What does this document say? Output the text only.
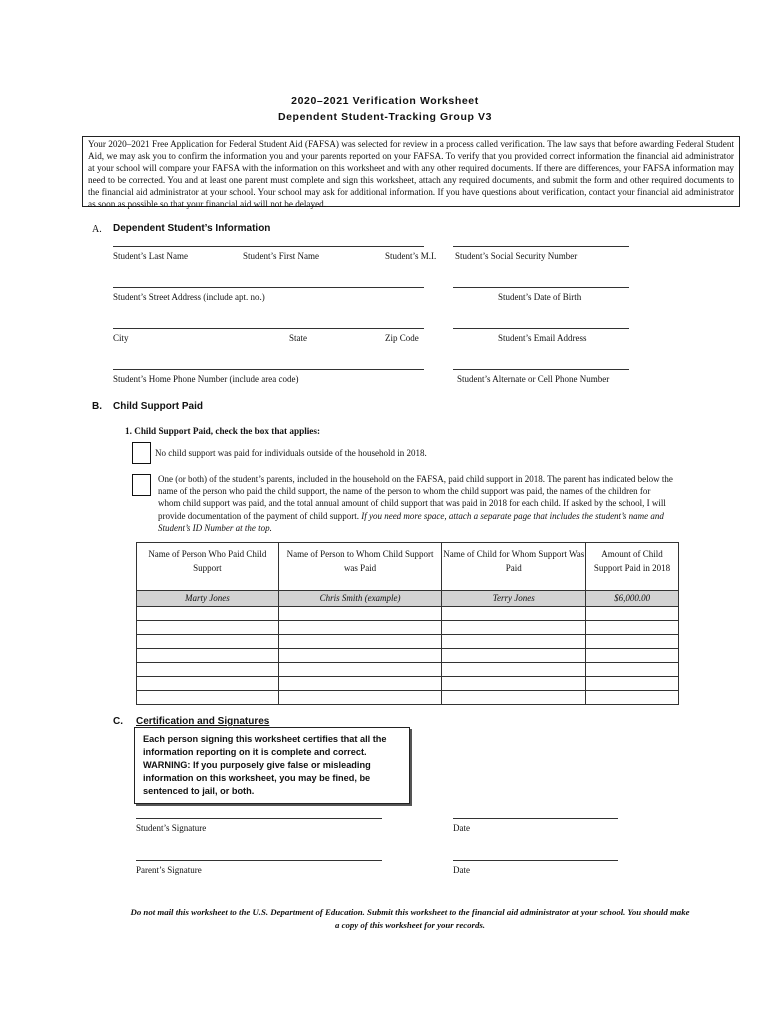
2020–2021 Verification Worksheet
Dependent Student-Tracking Group V3

Your 2020–2021 Free Application for Federal Student Aid (FAFSA) was selected for review in a process called verification. The law says that before awarding Federal Student Aid, we may ask you to confirm the information you and your parents reported on your FAFSA. To verify that you provided correct information the financial aid administrator at your school will compare your FAFSA with the information on this worksheet and with any other required documents. If there are differences, your FAFSA information may need to be corrected. You and at least one parent must complete and sign this worksheet, attach any required documents, and submit the form and other required documents to the financial aid administrator at your school. Your school may ask for additional information. If you have questions about verification, contact your financial aid administrator as soon as possible so that your financial aid will not be delayed.

A. Dependent Student’s Information
Student’s Last Name	Student’s First Name	Student’s M.I. Student’s Social Security Number
Student’s Street Address (include apt. no.)	Student’s Date of Birth
City	State	Zip Code	Student’s Email Address
Student’s Home Phone Number (include area code)	Student’s Alternate or Cell Phone Number
B. Child Support Paid
1. Child Support Paid, check the box that applies:
No child support was paid for individuals outside of the household in 2018.
One (or both) of the student’s parents, included in the household on the FAFSA, paid child support in 2018. The parent has indicated below the name of the person who paid the child support, the name of the person to whom the child support was paid, the names of the children for whom child support was paid, and the total annual amount of child support that was paid in 2018 for each child. If asked by the school, I will provide documentation of the payment of child support. If you need more space, attach a separate page that includes the student’s name and Student’s ID Number at the top.
Name of Person Who Paid Child Support	Name of Person to Whom Child Support was Paid	Name of Child for Whom Support Was Paid	Amount of Child Support Paid in 2018
Marty Jones	Chris Smith (example)	Terry Jones	$6,000.00

C. Certification and Signatures
Each person signing this worksheet certifies that all the information reporting on it is complete and correct. WARNING: If you purposely give false or misleading information on this worksheet, you may be fined, be sentenced to jail, or both.
Student’s Signature	Date
Parent’s Signature	Date
Do not mail this worksheet to the U.S. Department of Education. Submit this worksheet to the financial aid administrator at your school. You should make a copy of this worksheet for your records.
